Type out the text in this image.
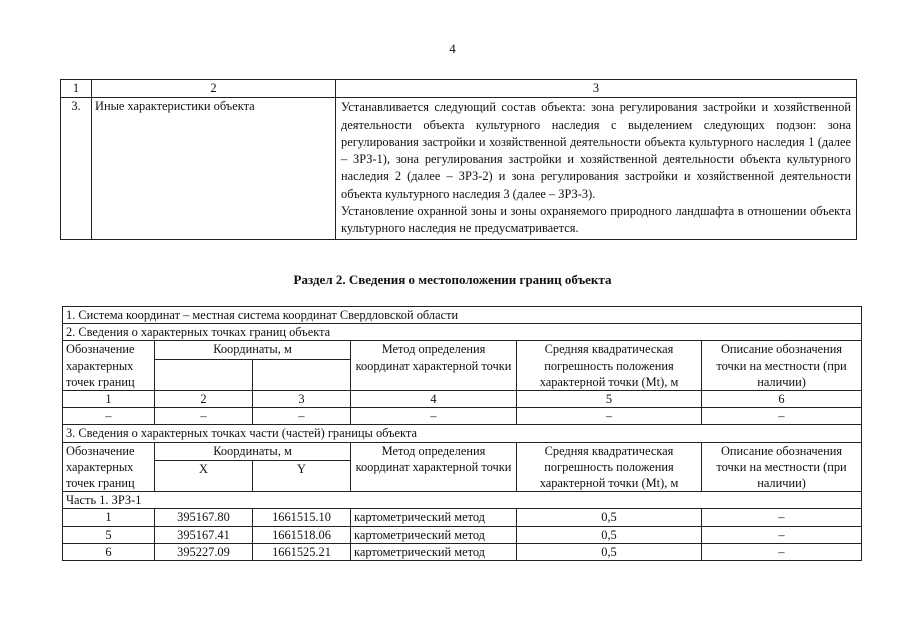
4
1	2	3
3.	Иные характеристики объекта	Устанавливается следующий состав объекта: зона регулирования застройки и хозяйственной деятельности объекта культурного наследия с выделением следующих подзон: зона регулирования застройки и хозяйственной деятельности объекта культурного наследия 1 (далее – ЗРЗ-1), зона регулирования застройки и хозяйственной деятельности объекта культурного наследия 2 (далее – ЗРЗ-2) и зона регулирования застройки и хозяйственной деятельности объекта культурного наследия 3 (далее – ЗРЗ-3).

Установление охранной зоны и зоны охраняемого природного ландшафта в отношении объекта культурного наследия не предусматривается.

Раздел 2. Сведения о местоположении границ объекта
1. Система координат – местная система координат Свердловской области					
2. Сведения о характерных точках границ объекта					
Обозначение характерных точек границ	Координаты, м		Метод определения координат характерной точки	Средняя квадратическая погрешность положения характерной точки (Mt), м	Описание обозначения точки на местности (при наличии)

1	2	3	4	5	6
–	–	–	–	–	–
3. Сведения о характерных точках части (частей) границы объекта					
Обозначение характерных точек границ	Координаты, м		Метод определения координат характерной точки	Средняя квадратическая погрешность положения характерной точки (Mt), м	Описание обозначения точки на местности (при наличии)
	X	Y			
Часть 1. ЗРЗ-1					
1	395167.80	1661515.10	картометрический метод	0,5	–
5	395167.41	1661518.06	картометрический метод	0,5	–
6	395227.09	1661525.21	картометрический метод	0,5	–
